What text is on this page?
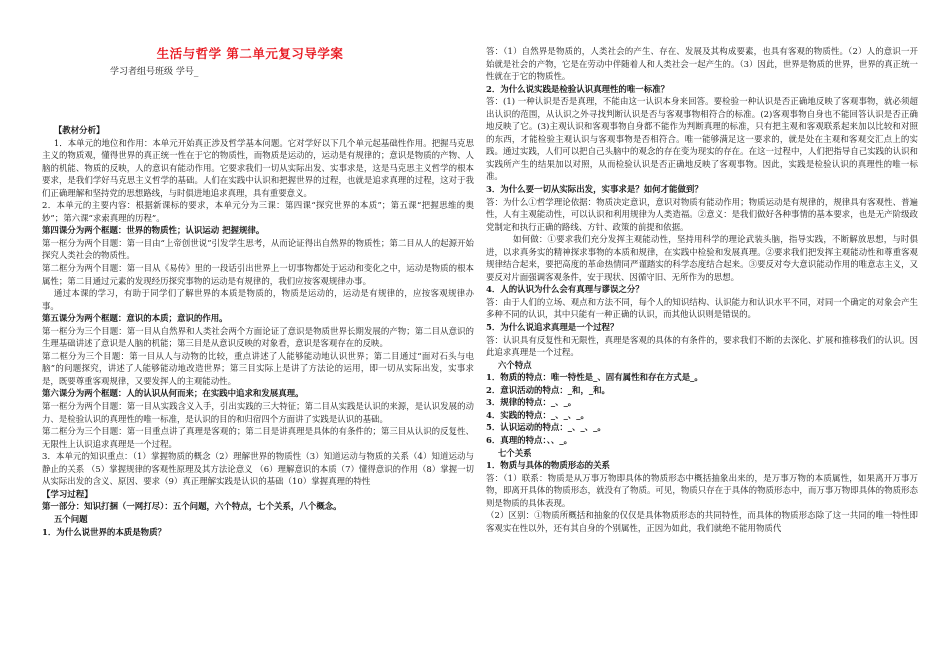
生活与哲学 第二单元复习导学案
学习者组号班级 学号_

【教材分析】

1．本单元的地位和作用：本单元开始真正涉及哲学基本问题。它对学好以下几个单元起基础性作用。把握马克思主义的物质观，懂得世界的真正统一性在于它的物质性，而物质是运动的，运动是有规律的；意识是物质的产物、人脑的机能、物质的反映，人的意识有能动作用。它要求我们一切从实际出发、实事求是，这是马克思主义哲学的根本要求，是我们学好马克思主义哲学的基础。人们在实践中认识和把握世界的过程，也就是追求真理的过程，这对于我们正确理解和坚持党的思想路线，与时俱进地追求真理，具有重要意义。

2．本单元的主要内容：根据新课标的要求，本单元分为三课：第四课“探究世界的本质”；第五课“把握思维的奥妙”；第六课“求索真理的历程”。

第四课分为两个框题：世界的物质性；认识运动 把握规律。

第一框分为两个目题：第一目由“上帝创世说”引发学生思考，从而论证得出自然界的物质性；第二目从人的起源开始探究人类社会的物质性。

第二框分为两个目题：第一目从《易传》里的一段话引出世界上一切事物都处于运动和变化之中，运动是物质的根本属性；第二目通过元素的发现经历探究事物的运动是有规律的，我们应按客观规律办事。

通过本课的学习，有助于同学们了解世界的本质是物质的，物质是运动的，运动是有规律的，应按客观规律办事。

第五课分为两个框题：意识的本质；意识的作用。

第一框分为三个目题：第一目从自然界和人类社会两个方面论证了意识是物质世界长期发展的产物；第二目从意识的生理基础讲述了意识是人脑的机能；第三目是从意识反映的对象看，意识是客观存在的反映。

第二框分为三个目题：第一目从人与动物的比较，重点讲述了人能够能动地认识世界；第二目通过“面对石头与电脑”的问题探究，讲述了人能够能动地改造世界；第三目实际上是讲了方法论的运用，即一切从实际出发，实事求是，既要尊重客观规律，又要发挥人的主观能动性。

第六课分为两个框题：人的认识从何而来；在实践中追求和发展真理。

第一框分为两个目题：第一目从实践含义入手，引出实践的三大特征；第二目从实践是认识的来源，是认识发展的动力、是检验认识的真理性的唯一标准，是认识的目的和归宿四个方面讲了实践是认识的基础。

第二框分为三个目题：第一目重点讲了真理是客观的；第二目是讲真理是具体的有条件的；第三目从认识的反复性、无限性上认识追求真理是一个过程。

3．本单元的知识重点：（1）掌握物质的概念（2）理解世界的物质性（3）知道运动与物质的关系（4）知道运动与静止的关系 （5）掌握规律的客观性原理及其方法论意义 （6）理解意识的本质（7）懂得意识的作用（8）掌握一切从实际出发的含义、原因、要求（9）真正理解实践是认识的基础（10）掌握真理的特性

【学习过程】

第一部分：知识打捆（一网打尽）：五个问题，六个特点，七个关系，八个概念。

五个问题

1．为什么说世界的本质是物质？

答：（1）自然界是物质的，人类社会的产生、存在、发展及其构成要素，也具有客观的物质性。（2）人的意识一开始就是社会的产物，它是在劳动中伴随着人和人类社会一起产生的。（3）因此，世界是物质的世界，世界的真正统一性就在于它的物质性。

2．为什么说实践是检验认识真理性的唯一标准？

答：(1) 一种认识是否是真理，不能由这一认识本身来回答。要检验一种认识是否正确地反映了客观事物，就必须超出认识的范围，从认识之外寻找判断认识是否与客观事物相符合的标准。(2)客观事物自身也不能回答认识是否正确地反映了它。(3)主观认识和客观事物自身都不能作为判断真理的标准，只有把主观和客观联系起来加以比较和对照的东西，才能检验主观认识与客观事物是否相符合。唯一能够满足这一要求的，就是处在主观和客观交汇点上的实践。通过实践，人们可以把自己头脑中的观念的存在变为现实的存在。在这一过程中，人们把指导自己实践的认识和实践所产生的结果加以对照，从而检验认识是否正确地反映了客观事物。因此，实践是检验认识的真理性的唯一标准。

3．为什么要一切从实际出发，实事求是？如何才能做到？

答：为什么①哲学理论依据：物质决定意识，意识对物质有能动作用；物质运动是有规律的，规律具有客观性、普遍性，人有主观能动性，可以认识和利用规律为人类造福。②意义：是我们做好各种事情的基本要求，也是无产阶级政党制定和执行正确的路线、方针、政策的前提和依据。

如何做：①要求我们充分发挥主观能动性，坚持用科学的理论武装头脑，指导实践，不断解放思想，与时俱进，以求真务实的精神探求事物的本质和规律，在实践中检验和发展真理。②要求我们把发挥主观能动性和尊重客观规律结合起来，要把高度的革命热情同严谨踏实的科学态度结合起来。③要反对夸大意识能动作用的唯意志主义，又要反对片面强调客观条件，安于现状、因循守旧、无所作为的思想。

4．人的认识为什么会有真理与谬误之分？

答：由于人们的立场、观点和方法不同，每个人的知识结构、认识能力和认识水平不同，对同一个确定的对象会产生多种不同的认识，其中只能有一种正确的认识，而其他认识则是错误的。

5．为什么说追求真理是一个过程？

答：认识具有反复性和无限性，真理是客观的具体的有条件的，要求我们不断的去深化、扩展和推移我们的认识。因此追求真理是一个过程。

六个特点

1．物质的特点：唯一特性是_、固有属性和存在方式是_。

2．意识活动的特点：_和，_和。

3．规律的特点：_、_。

4．实践的特点：_、_、_。

5．认识运动的特点：_、_、_。

6．真理的特点：、、_。

七个关系

1．物质与具体的物质形态的关系

答：（1）联系：物质是从万事万物即具体的物质形态中概括抽象出来的，是万事万物的本质属性，如果离开万事万物，即离开具体的物质形态，就没有了物质。可见，物质只存在于具体的物质形态中，而万事万物即具体的物质形态则是物质的具体表现。

（2）区别：①物质所概括和抽象的仅仅是具体物质形态的共同特性，而具体的物质形态除了这一共同的唯一特性即客观实在性以外，还有其自身的个别属性，正因为如此，我们就绝不能用物质代
